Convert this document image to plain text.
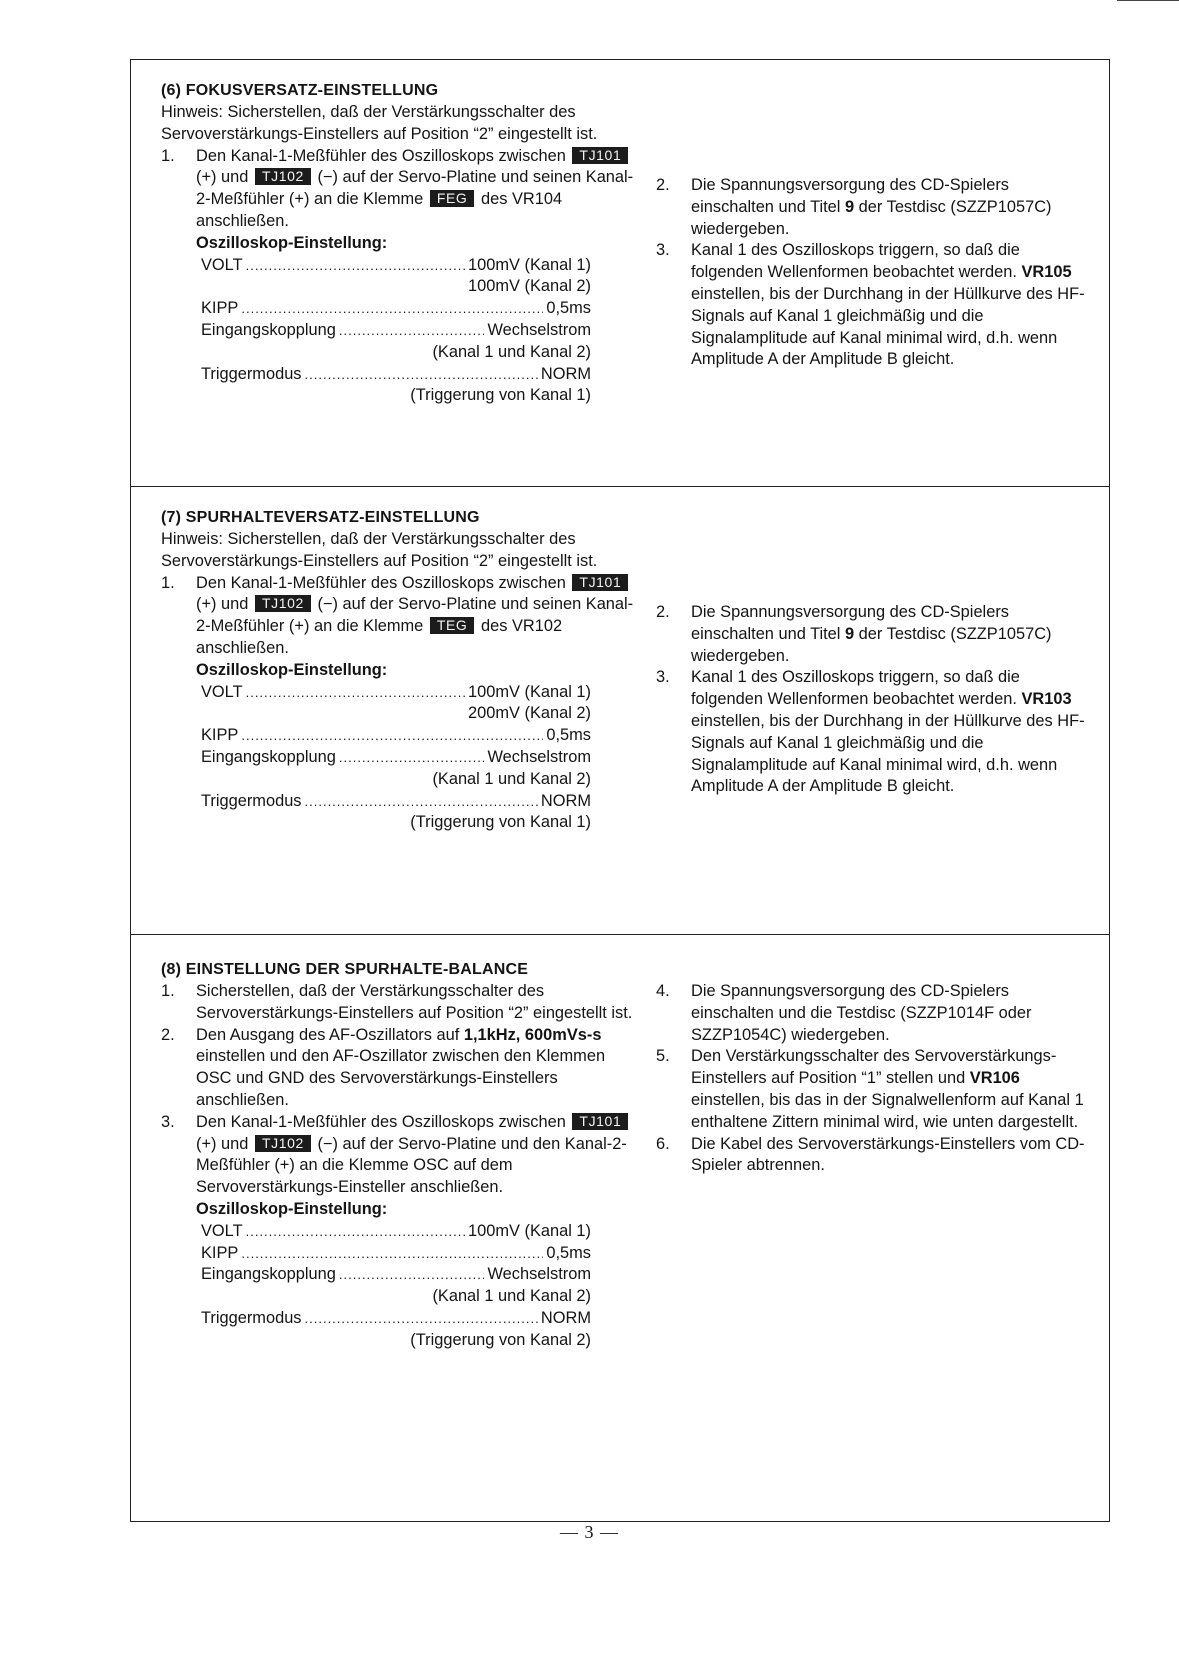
(6) FOKUSVERSATZ-EINSTELLUNG
Hinweis: Sicherstellen, daß der Verstärkungsschalter des Servoverstärkungs-Einstellers auf Position “2” eingestellt ist.
1. Den Kanal-1-Meßfühler des Oszilloskops zwischen TJ101 (+) und TJ102 (−) auf der Servo-Platine und seinen Kanal-2-Meßfühler (+) an die Klemme FEG des VR104 anschließen.
Oszilloskop-Einstellung:
VOLT .....	100mV (Kanal 1)
100mV (Kanal 2)
KIPP .....	0,5ms
Eingangskopplung .....	Wechselstrom
(Kanal 1 und Kanal 2)
Triggermodus .....	NORM
(Triggerung von Kanal 1)
2. Die Spannungsversorgung des CD-Spielers einschalten und Titel 9 der Testdisc (SZZP1057C) wiedergeben.
3. Kanal 1 des Oszilloskops triggern, so daß die folgenden Wellenformen beobachtet werden. VR105 einstellen, bis der Durchhang in der Hüllkurve des HF-Signals auf Kanal 1 gleichmäßig und die Signalamplitude auf Kanal minimal wird, d.h. wenn Amplitude A der Amplitude B gleicht.
(7) SPURHALTEVERSATZ-EINSTELLUNG
Hinweis: Sicherstellen, daß der Verstärkungsschalter des Servoverstärkungs-Einstellers auf Position “2” eingestellt ist.
1. Den Kanal-1-Meßfühler des Oszilloskops zwischen TJ101 (+) und TJ102 (−) auf der Servo-Platine und seinen Kanal-2-Meßfühler (+) an die Klemme TEG des VR102 anschließen.
Oszilloskop-Einstellung:
VOLT .....	100mV (Kanal 1)
200mV (Kanal 2)
KIPP .....	0,5ms
Eingangskopplung .....	Wechselstrom
(Kanal 1 und Kanal 2)
Triggermodus .....	NORM
(Triggerung von Kanal 1)
2. Die Spannungsversorgung des CD-Spielers einschalten und Titel 9 der Testdisc (SZZP1057C) wiedergeben.
3. Kanal 1 des Oszilloskops triggern, so daß die folgenden Wellenformen beobachtet werden. VR103 einstellen, bis der Durchhang in der Hüllkurve des HF-Signals auf Kanal 1 gleichmäßig und die Signalamplitude auf Kanal minimal wird, d.h. wenn Amplitude A der Amplitude B gleicht.
(8) EINSTELLUNG DER SPURHALTE-BALANCE
1. Sicherstellen, daß der Verstärkungsschalter des Servoverstärkungs-Einstellers auf Position “2” eingestellt ist.
2. Den Ausgang des AF-Oszillators auf 1,1kHz, 600mVs-s einstellen und den AF-Oszillator zwischen den Klemmen OSC und GND des Servoverstärkungs-Einstellers anschließen.
3. Den Kanal-1-Meßfühler des Oszilloskops zwischen TJ101 (+) und TJ102 (−) auf der Servo-Platine und den Kanal-2-Meßfühler (+) an die Klemme OSC auf dem Servoverstärkungs-Einsteller anschließen.
Oszilloskop-Einstellung:
VOLT .....	100mV (Kanal 1)
KIPP .....	0,5ms
Eingangskopplung .....	Wechselstrom
(Kanal 1 und Kanal 2)
Triggermodus .....	NORM
(Triggerung von Kanal 2)
4. Die Spannungsversorgung des CD-Spielers einschalten und die Testdisc (SZZP1014F oder SZZP1054C) wiedergeben.
5. Den Verstärkungsschalter des Servoverstärkungs-Einstellers auf Position “1” stellen und VR106 einstellen, bis das in der Signalwellenform auf Kanal 1 enthaltene Zittern minimal wird, wie unten dargestellt.
6. Die Kabel des Servoverstärkungs-Einstellers vom CD-Spieler abtrennen.
— 3 —
